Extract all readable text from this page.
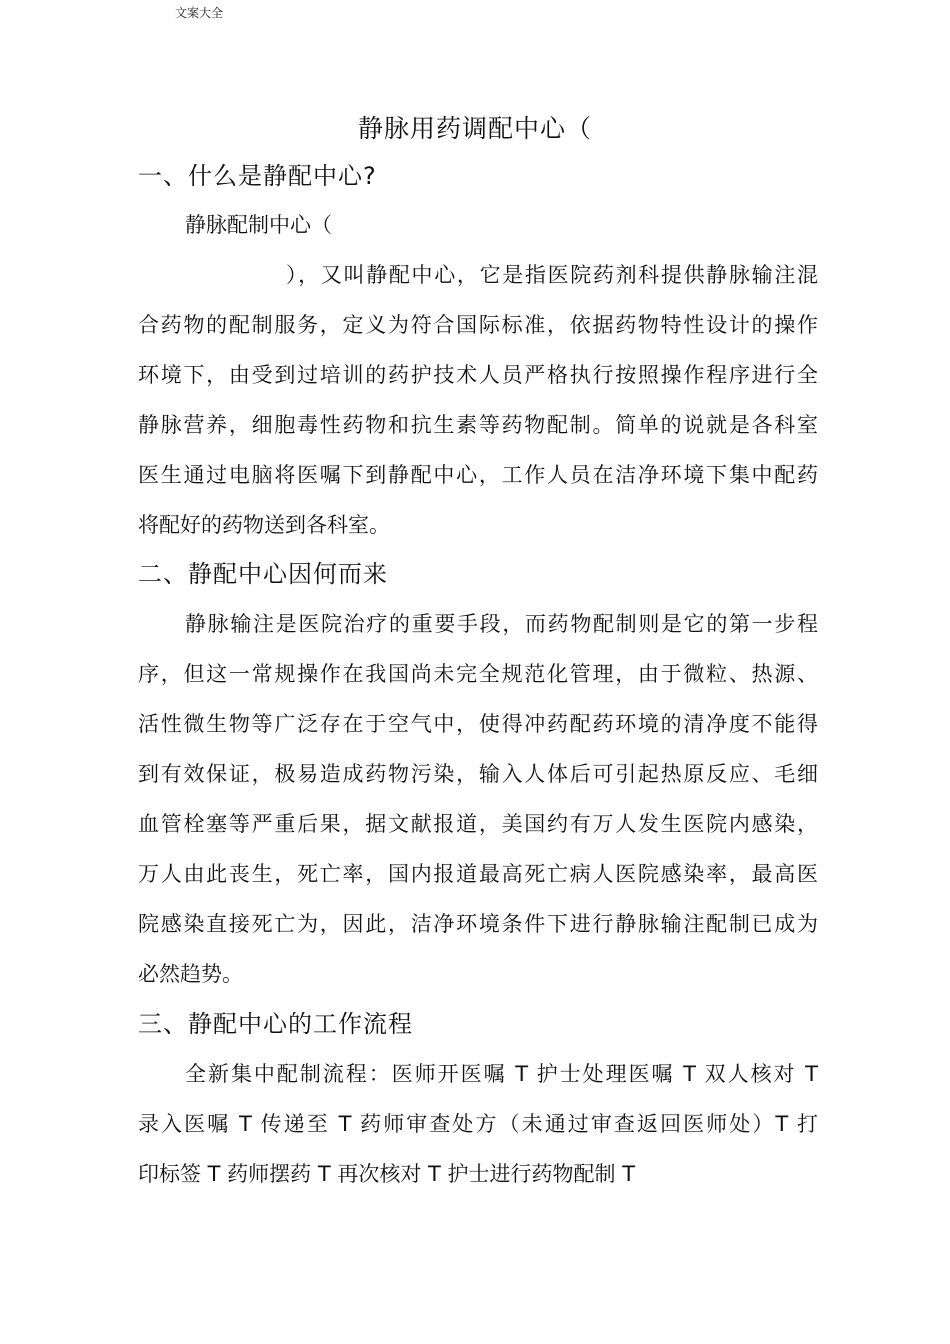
文案大全
静脉用药调配中心（
一、什么是静配中心?
静脉配制中心（
），又叫静配中心，它是指医院药剂科提供静脉输注混
合药物的配制服务，定义为符合国际标准，依据药物特性设计的操作
环境下，由受到过培训的药护技术人员严格执行按照操作程序进行全
静脉营养，细胞毒性药物和抗生素等药物配制。简单的说就是各科室
医生通过电脑将医嘱下到静配中心，工作人员在洁净环境下集中配药
将配好的药物送到各科室。
二、静配中心因何而来
静脉输注是医院治疗的重要手段，而药物配制则是它的第一步程
序，但这一常规操作在我国尚未完全规范化管理，由于微粒、热源、
活性微生物等广泛存在于空气中，使得冲药配药环境的清净度不能得
到有效保证，极易造成药物污染，输入人体后可引起热原反应、毛细
血管栓塞等严重后果，据文献报道，美国约有万人发生医院内感染，
万人由此丧生，死亡率，国内报道最高死亡病人医院感染率，最高医
院感染直接死亡为，因此，洁净环境条件下进行静脉输注配制已成为
必然趋势。
三、静配中心的工作流程
全新集中配制流程：医师开医嘱 T 护士处理医嘱 T 双人核对 T
录入医嘱 T 传递至 T 药师审查处方（未通过审查返回医师处）T 打
印标签 T 药师摆药 T 再次核对 T 护士进行药物配制 T
